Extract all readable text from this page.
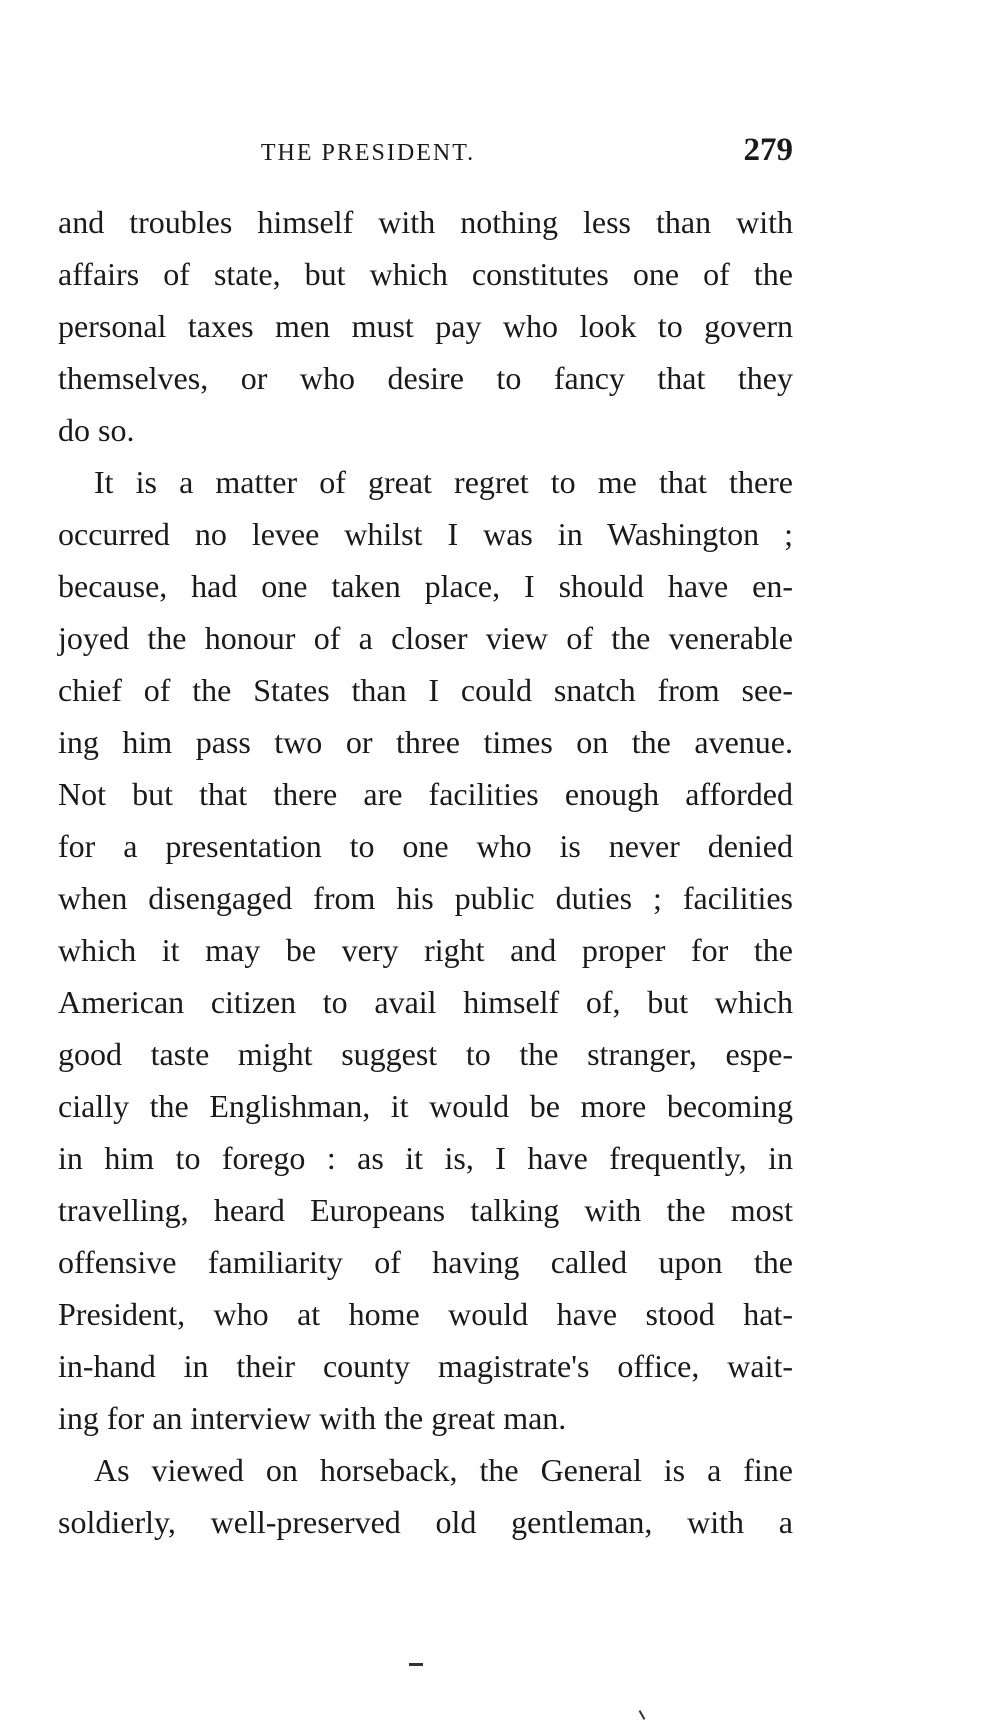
THE PRESIDENT.	279
and troubles himself with nothing less than with
affairs of state, but which constitutes one of the
personal taxes men must pay who look to govern
themselves, or who desire to fancy that they
do so.
It is a matter of great regret to me that there
occurred no levee whilst I was in Washington ;
because, had one taken place, I should have en-
joyed the honour of a closer view of the venerable
chief of the States than I could snatch from see-
ing him pass two or three times on the avenue.
Not but that there are facilities enough afforded
for a presentation to one who is never denied
when disengaged from his public duties ; facilities
which it may be very right and proper for the
American citizen to avail himself of, but which
good taste might suggest to the stranger, espe-
cially the Englishman, it would be more becoming
in him to forego : as it is, I have frequently, in
travelling, heard Europeans talking with the most
offensive familiarity of having called upon the
President, who at home would have stood hat-
in-hand in their county magistrate's office, wait-
ing for an interview with the great man.
As viewed on horseback, the General is a fine
soldierly, well-preserved old gentleman, with a
